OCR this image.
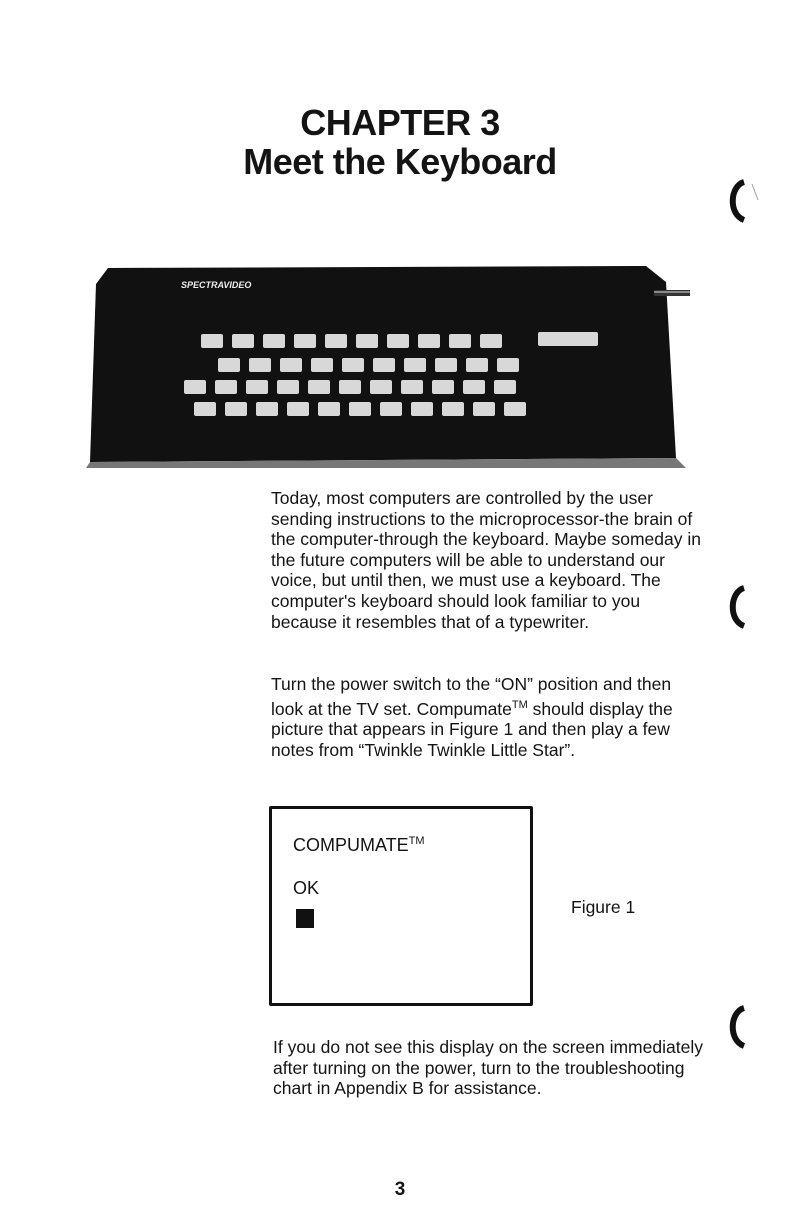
CHAPTER 3
Meet the Keyboard
SPECTRAVIDEO

Today, most computers are controlled by the user sending instructions to the microprocessor-the brain of the computer-through the keyboard. Maybe someday in the future computers will be able to understand our voice, but until then, we must use a keyboard. The computer's keyboard should look familiar to you because it resembles that of a typewriter.

Turn the power switch to the “ON” position and then look at the TV set. Compumate™ should display the picture that appears in Figure 1 and then play a few notes from “Twinkle Twinkle Little Star”.

COMPUMATE™
OK
Figure 1

If you do not see this display on the screen immediately after turning on the power, turn to the troubleshooting chart in Appendix B for assistance.

3
